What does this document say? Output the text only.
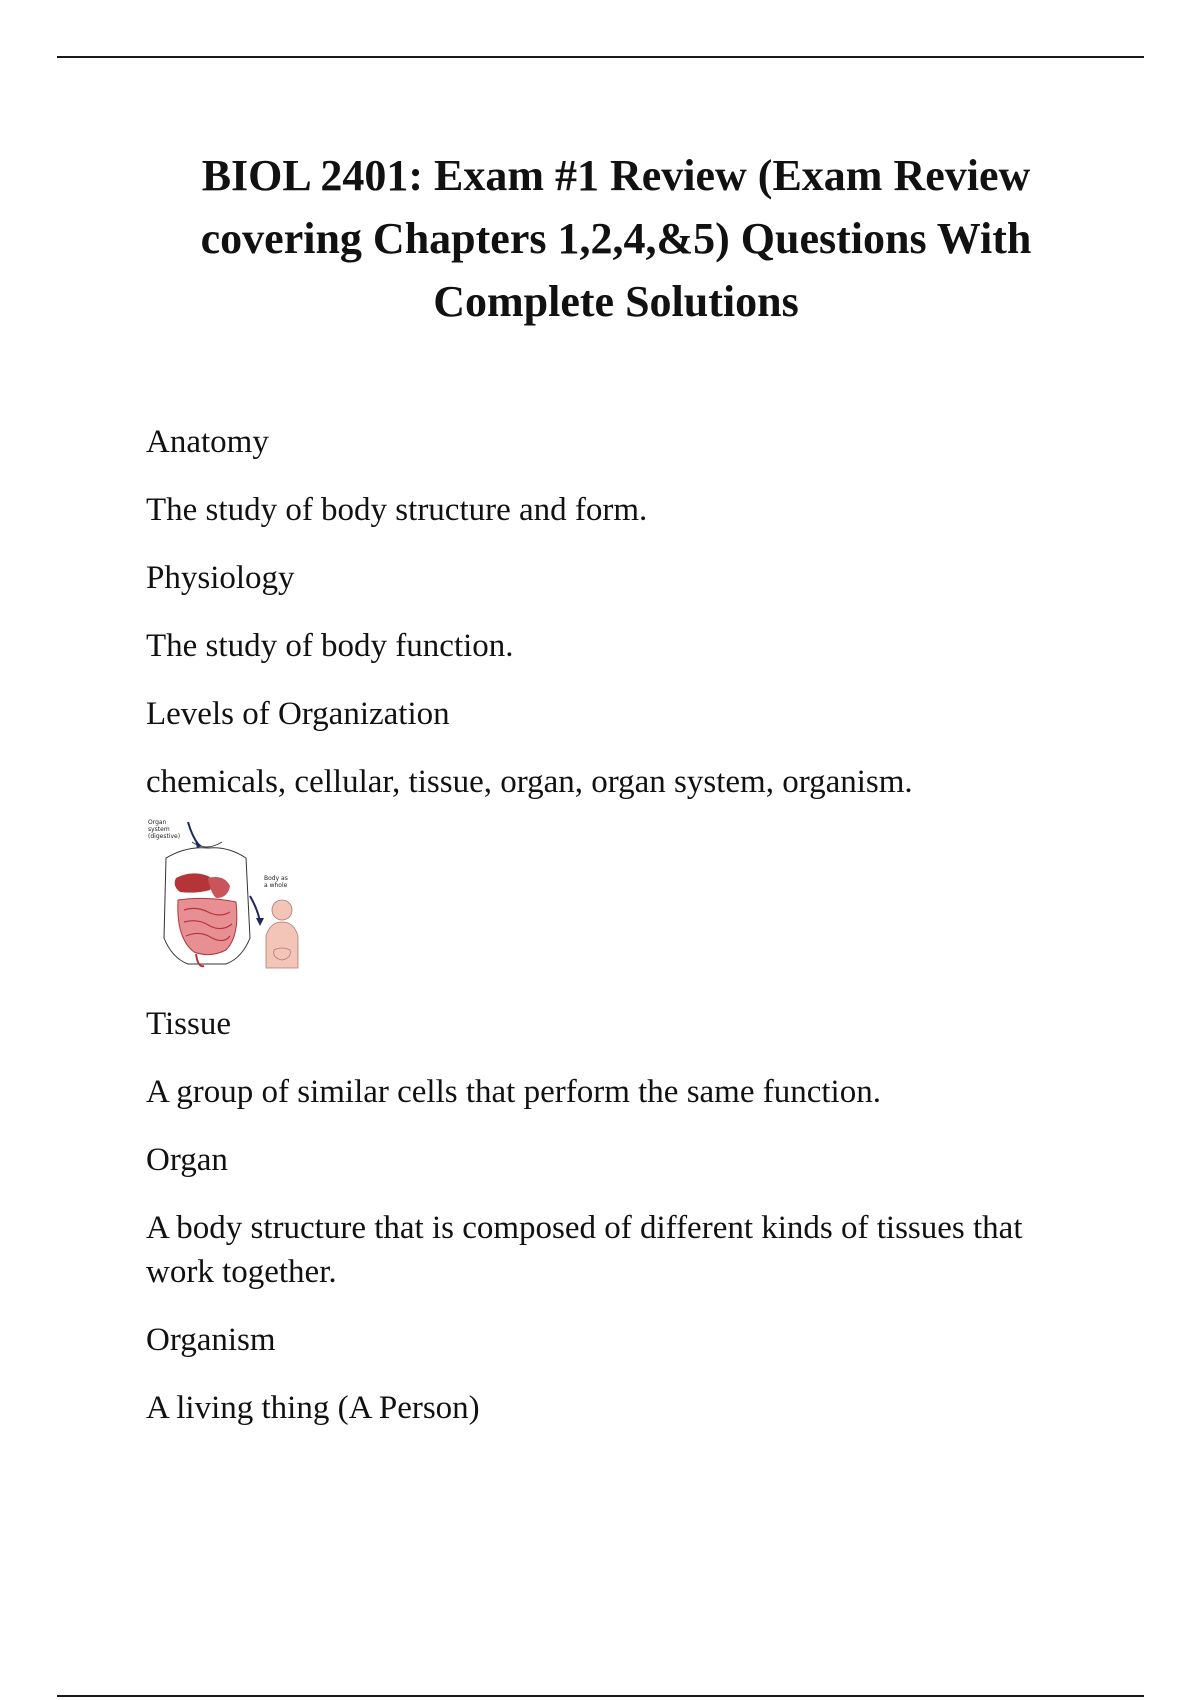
BIOL 2401: Exam #1 Review (Exam Review
covering Chapters 1,2,4,&5) Questions With
Complete Solutions

Anatomy

The study of body structure and form.

Physiology

The study of body function.

Levels of Organization

chemicals, cellular, tissue, organ, organ system, organism.

Organ
system
(digestive)
Body as
a whole

Tissue

A group of similar cells that perform the same function.

Organ

A body structure that is composed of different kinds of tissues that work together.

Organism

A living thing (A Person)
